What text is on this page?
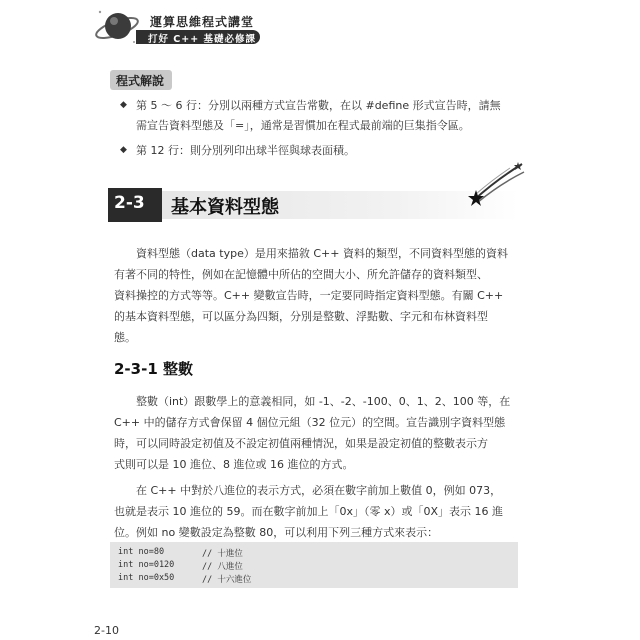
運算思維程式講堂
打好 C++ 基礎必修課
程式解說
◆ 第 5 ～ 6 行：分別以兩種方式宣告常數，在以 #define 形式宣告時，請無
需宣告資料型態及「=」，通常是習慣加在程式最前端的巨集指令區。
◆ 第 12 行：則分別列印出球半徑與球表面積。
2-3 基本資料型態
資料型態（data type）是用來描敘 C++ 資料的類型，不同資料型態的資料
有著不同的特性，例如在記憶體中所佔的空間大小、所允許儲存的資料類型、
資料操控的方式等等。C++ 變數宣告時，一定要同時指定資料型態。有關 C++
的基本資料型態，可以區分為四類，分別是整數、浮點數、字元和布林資料型
態。
2-3-1 整數
整數（int）跟數學上的意義相同，如 -1、-2、-100、0、1、2、100 等，在
C++ 中的儲存方式會保留 4 個位元組（32 位元）的空間。宣告識別字資料型態
時，可以同時設定初值及不設定初值兩種情況，如果是設定初值的整數表示方
式則可以是 10 進位、8 進位或 16 進位的方式。
在 C++ 中對於八進位的表示方式，必須在數字前加上數值 0，例如 073，
也就是表示 10 進位的 59。而在數字前加上「0x」（零 x）或「0X」表示 16 進
位。例如 no 變數設定為整數 80，可以利用下列三種方式來表示：
int no=80	// 十進位
int no=0120	// 八進位
int no=0x50	// 十六進位
2-10
